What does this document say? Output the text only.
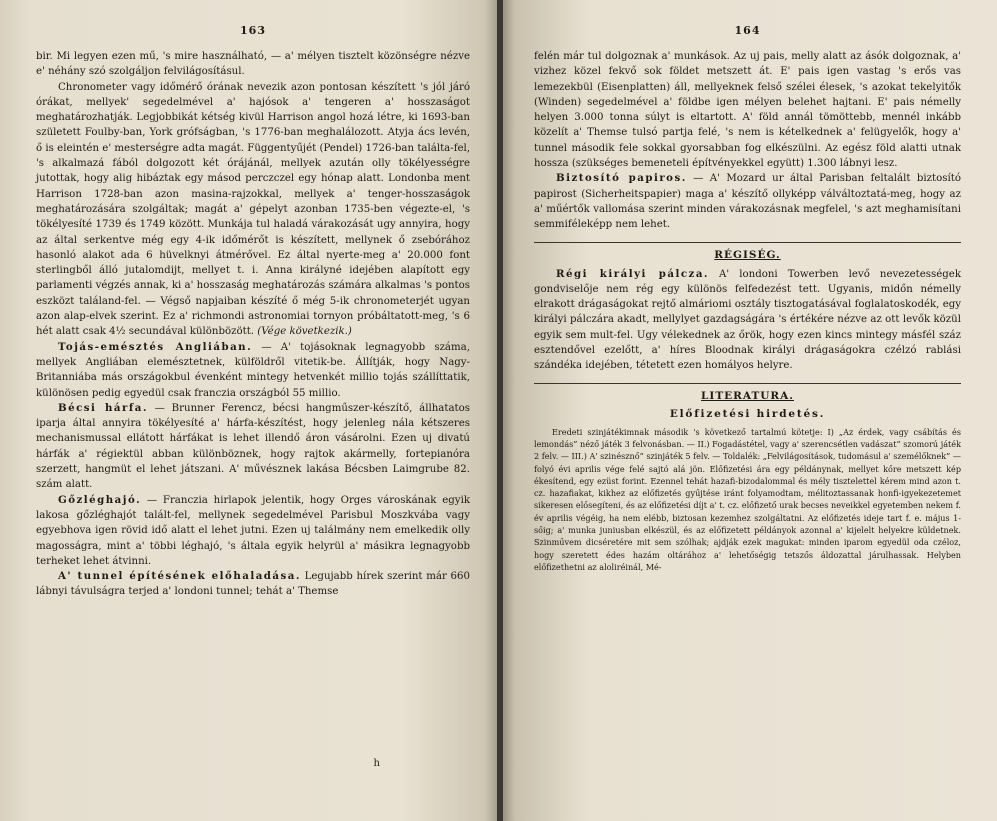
163

bir. Mi legyen ezen mű, 's mire használható, — a' mélyen tisztelt közönségre nézve e' néhány szó szolgáljon felvilágosításul.

Chronometer vagy időmérő órának nevezik azon pontosan készített 's jól járó órákat, mellyek' segedelmével a' hajósok a' tengeren a' hosszaságot meghatározhatják. Legjobbikát kétség kivül Harrison angol hozá létre, ki 1693-ban született Foulby-ban, York grófságban, 's 1776-ban meghalálozott. Atyja ács levén, ő is eleintén e' mesterségre adta magát. Függentyűjét (Pendel) 1726-ban találta-fel, 's alkalmazá fából dolgozott két órájánál, mellyek azután olly tökélyességre jutottak, hogy alig hibáztak egy másod perczczel egy hónap alatt. Londonba ment Harrison 1728-ban azon masina-rajzokkal, mellyek a' tenger-hosszaságok meghatározására szolgáltak; magát a' gépelyt azonban 1735-ben végezte-el, 's tökélyesíté 1739 és 1749 között. Munkája tul haladá várakozását ugy annyira, hogy az által serkentve még egy 4-ik időmérőt is készített, mellynek ő zsebórához hasonló alakot ada 6 hüvelknyi átmérővel. Ez által nyerte-meg a' 20.000 font sterlingből álló jutalomdijt, mellyet t. i. Anna királyné idejében alapított egy parlamenti végzés annak, ki a' hosszaság meghatározás számára alkalmas 's pontos eszközt találand-fel. — Végső napjaiban készíté ő még 5-ik chronometerjét ugyan azon alap-elvek szerint. Ez a' richmondi astronomiai tornyon próbáltatott-meg, 's 6 hét alatt csak 4½ secundával különbözött. (Vége következik.)

Tojás-emésztés Angliában. — A' tojásoknak legnagyobb száma, mellyek Angliában elemésztetnek, külföldről vitetik-be. Állítják, hogy Nagy-Britanniába más országokbul évenként mintegy hetvenkét millio tojás szállíttatik, különösen pedig egyedül csak franczia országból 55 millio.

Bécsi hárfa. — Brunner Ferencz, bécsi hangműszer-készítő, állhatatos iparja által annyira tökélyesíté a' hárfa-készítést, hogy jelenleg nála kétszeres mechanismussal ellátott hárfákat is lehet illendő áron vásárolni. Ezen uj divatú hárfák a' régiektül abban különböznek, hogy rajtok akármelly, fortepianóra szerzett, hangmüt el lehet játszani. A' művésznek lakása Bécsben Laimgrube 82. szám alatt.

Gőzléghajó. — Franczia hirlapok jelentik, hogy Orges városkának egyik lakosa gőzléghajót talált-fel, mellynek segedelmével Parisbul Moszkvába vagy egyebhova igen rövid idő alatt el lehet jutni. Ezen uj találmány nem emelkedik olly magosságra, mint a' többi léghajó, 's általa egyik helyrül a' másikra legnagyobb terheket lehet átvinni.

A' tunnel építésének előhaladása. Legujabb hírek szerint már 660 lábnyi távulságra terjed a' londoni tunnel; tehát a' Themse

h
164

felén már tul dolgoznak a' munkások. Az uj pais, melly alatt az ásók dolgoznak, a' vizhez közel fekvő sok földet metszett át. E' pais igen vastag 's erős vas lemezekbül (Eisenplatten) áll, mellyeknek felső szélei élesek, 's azokat tekelyitők (Winden) segedelmével a' földbe igen mélyen belehet hajtani. E' pais némelly helyen 3.000 tonna súlyt is eltartott. A' föld annál tömöttebb, mennél inkább közelít a' Themse tulsó partja felé, 's nem is kételkednek a' felügyelők, hogy a' tunnel második fele sokkal gyorsabban fog elkészülni. Az egész föld alatti utnak hossza (szükséges bemeneteli építvényekkel együtt) 1.300 lábnyi lesz.

Biztosító papiros. — A' Mozard ur által Parisban feltalált biztosító papirost (Sicherheitspapier) maga a' készítő ollyképp válváltoztatá-meg, hogy az a' műértők vallomása szerint minden várakozásnak megfelel, 's azt meghamisítani semmiféleképp nem lehet.

RÉGISÉG.

Régi királyi pálcza. A' londoni Towerben levő nevezetességek gondviselője nem rég egy különös felfedezést tett. Ugyanis, midőn némelly elrakott drágaságokat rejtő almáriomi osztály tisztogatásával foglalatoskodék, egy királyi pálczára akadt, mellylyet gazdagságára 's értékére nézve az ott levők közül egyik sem mult-fel. Ugy vélekednek az őrök, hogy ezen kincs mintegy másfél száz esztendővel ezelőtt, a' híres Bloodnak királyi drágaságokra czélzó rablási szándéka idejében, tétetett ezen homályos helyre.

LITERATURA.
Előfizetési hirdetés.

Eredeti szinjátékimnak második 's következő tartalmú kötetje: I) „Az érdek, vagy csábítás és lemondás” néző játék 3 felvonásban. — II.) Fogadástétel, vagy a' szerencsétlen vadászat” szomorú játék 2 felv. — III.) A' szinésznő” szinjáték 5 felv. — Toldalék: „Felvilágosítások, tudomásul a' személőknek” — folyó évi aprilis vége felé sajtó alá jön. Előfizetési ára egy példánynak, mellyet kőre metszett kép ékesítend, egy ezüst forint. Ezennel tehát hazafi-bizodalommal és mély tisztelettel kérem mind azon t. cz. hazafiakat, kikhez az előfizetés gyűjtése iránt folyamodtam, mélitoztassanak honfi-igyekezetemet sikeresen elősegíteni, és az előfizetési díjt a' t. cz. előfizető urak becses neveikkel egyetemben nekem f. év aprilis végéig, ha nem elébb, biztosan kezemhez szolgáltatni. Az előfizetés ideje tart f. e. május 1-sőig; a' munka juniusban elkészül, és az előfizetett példányok azonnal a' kijelelt helyekre küldetnek. Szinművem dicséretére mit sem szólhak; ajdják ezek magukat: minden iparom egyedül oda czéloz, hogy szeretett édes hazám oltárához a' lehetőségig tetszős áldozattal járulhassak. Helyben előfizethetni az aloliréinál, Mé-
